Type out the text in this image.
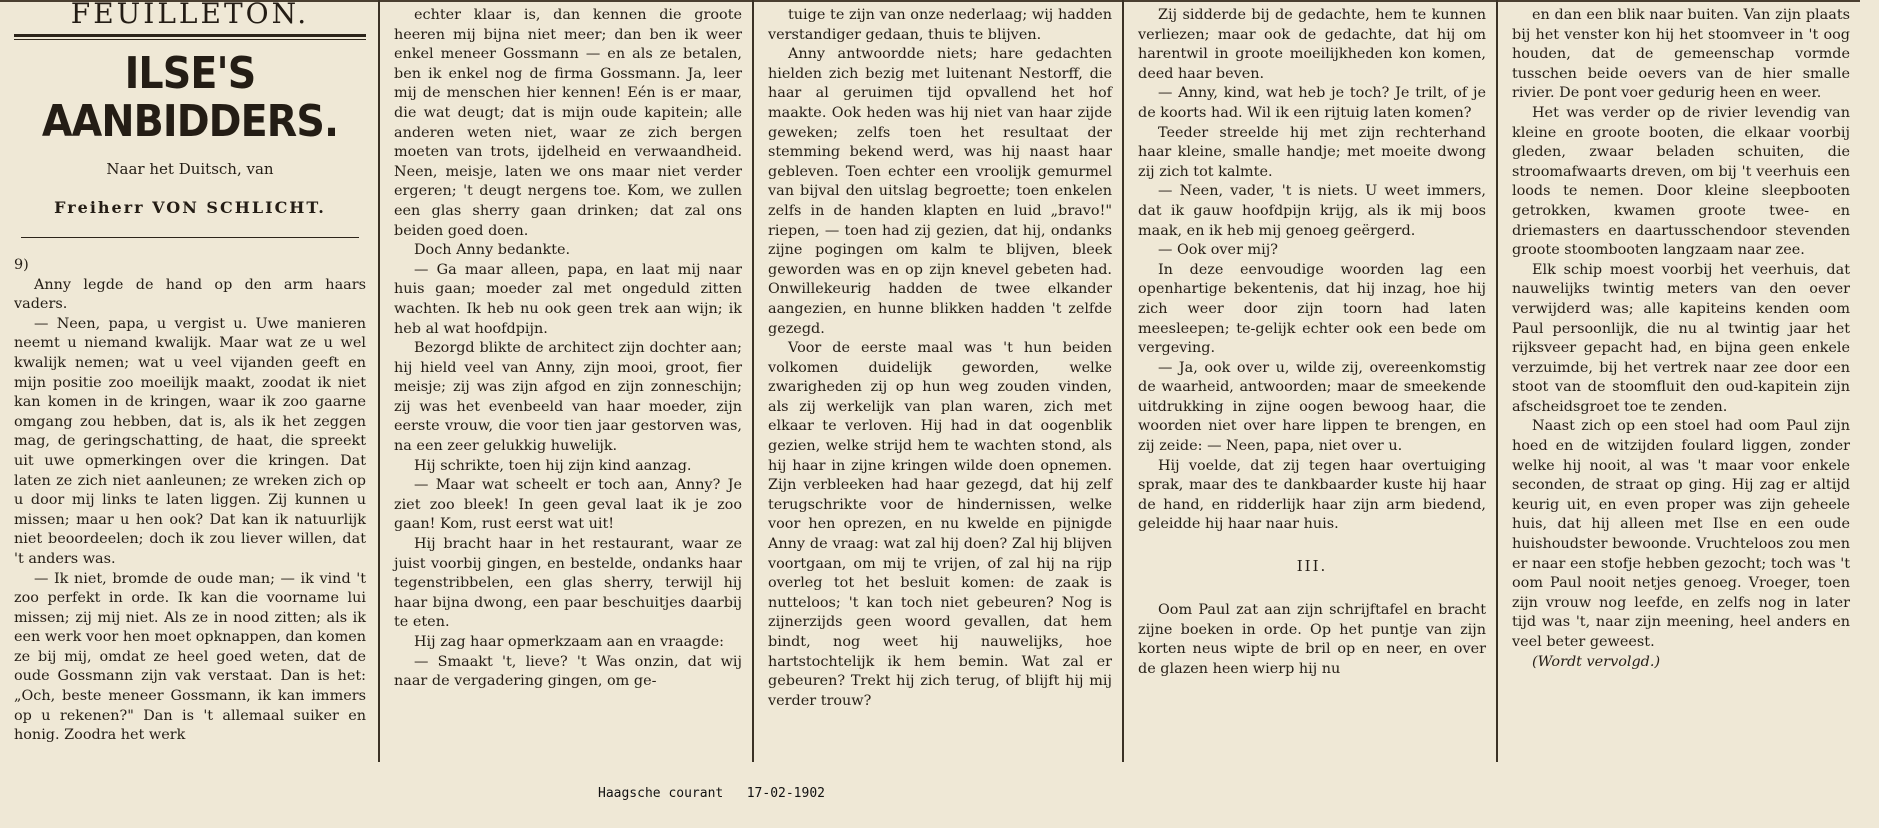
FEUILLETON.
ILSE'S AANBIDDERS.
Naar het Duitsch, van
Freiherr VON SCHLICHT.

9)

Anny legde de hand op den arm haars vaders.

— Neen, papa, u vergist u. Uwe manieren neemt u niemand kwalijk. Maar wat ze u wel kwalijk nemen; wat u veel vijanden geeft en mijn positie zoo moeilijk maakt, zoodat ik niet kan komen in de kringen, waar ik zoo gaarne omgang zou hebben, dat is, als ik het zeggen mag, de geringschatting, de haat, die spreekt uit uwe opmerkingen over die kringen. Dat laten ze zich niet aanleunen; ze wreken zich op u door mij links te laten liggen. Zij kunnen u missen; maar u hen ook? Dat kan ik natuurlijk niet beoordeelen; doch ik zou liever willen, dat 't anders was.

— Ik niet, bromde de oude man; — ik vind 't zoo perfekt in orde. Ik kan die voorname lui missen; zij mij niet. Als ze in nood zitten; als ik een werk voor hen moet opknappen, dan komen ze bij mij, omdat ze heel goed weten, dat de oude Gossmann zijn vak verstaat. Dan is het: „Och, beste meneer Gossmann, ik kan immers op u rekenen?" Dan is 't allemaal suiker en honig. Zoodra het werk

echter klaar is, dan kennen die groote heeren mij bijna niet meer; dan ben ik weer enkel meneer Gossmann — en als ze betalen, ben ik enkel nog de firma Gossmann. Ja, leer mij de menschen hier kennen! Eén is er maar, die wat deugt; dat is mijn oude kapitein; alle anderen weten niet, waar ze zich bergen moeten van trots, ijdelheid en verwaandheid. Neen, meisje, laten we ons maar niet verder ergeren; 't deugt nergens toe. Kom, we zullen een glas sherry gaan drinken; dat zal ons beiden goed doen.

Doch Anny bedankte.

— Ga maar alleen, papa, en laat mij naar huis gaan; moeder zal met ongeduld zitten wachten. Ik heb nu ook geen trek aan wijn; ik heb al wat hoofdpijn.

Bezorgd blikte de architect zijn dochter aan; hij hield veel van Anny, zijn mooi, groot, fier meisje; zij was zijn afgod en zijn zonneschijn; zij was het evenbeeld van haar moeder, zijn eerste vrouw, die voor tien jaar gestorven was, na een zeer gelukkig huwelijk.

Hij schrikte, toen hij zijn kind aanzag.

— Maar wat scheelt er toch aan, Anny? Je ziet zoo bleek! In geen geval laat ik je zoo gaan! Kom, rust eerst wat uit!

Hij bracht haar in het restaurant, waar ze juist voorbij gingen, en bestelde, ondanks haar tegenstribbelen, een glas sherry, terwijl hij haar bijna dwong, een paar beschuitjes daarbij te eten.

Hij zag haar opmerkzaam aan en vraagde:

— Smaakt 't, lieve? 't Was onzin, dat wij naar de vergadering gingen, om ge-

tuige te zijn van onze nederlaag; wij hadden verstandiger gedaan, thuis te blijven.

Anny antwoordde niets; hare gedachten hielden zich bezig met luitenant Nestorff, die haar al geruimen tijd opvallend het hof maakte. Ook heden was hij niet van haar zijde geweken; zelfs toen het resultaat der stemming bekend werd, was hij naast haar gebleven. Toen echter een vroolijk gemurmel van bijval den uitslag begroette; toen enkelen zelfs in de handen klapten en luid „bravo!" riepen, — toen had zij gezien, dat hij, ondanks zijne pogingen om kalm te blijven, bleek geworden was en op zijn knevel gebeten had. Onwillekeurig hadden de twee elkander aangezien, en hunne blikken hadden 't zelfde gezegd.

Voor de eerste maal was 't hun beiden volkomen duidelijk geworden, welke zwarigheden zij op hun weg zouden vinden, als zij werkelijk van plan waren, zich met elkaar te verloven. Hij had in dat oogenblik gezien, welke strijd hem te wachten stond, als hij haar in zijne kringen wilde doen opnemen. Zijn verbleeken had haar gezegd, dat hij zelf terugschrikte voor de hindernissen, welke voor hen oprezen, en nu kwelde en pijnigde Anny de vraag: wat zal hij doen? Zal hij blijven voortgaan, om mij te vrijen, of zal hij na rijp overleg tot het besluit komen: de zaak is nutteloos; 't kan toch niet gebeuren? Nog is zijnerzijds geen woord gevallen, dat hem bindt, nog weet hij nauwelijks, hoe hartstochtelijk ik hem bemin. Wat zal er gebeuren? Trekt hij zich terug, of blijft hij mij verder trouw?

Zij sidderde bij de gedachte, hem te kunnen verliezen; maar ook de gedachte, dat hij om harentwil in groote moeilijkheden kon komen, deed haar beven.

— Anny, kind, wat heb je toch? Je trilt, of je de koorts had. Wil ik een rijtuig laten komen?

Teeder streelde hij met zijn rechterhand haar kleine, smalle handje; met moeite dwong zij zich tot kalmte.

— Neen, vader, 't is niets. U weet immers, dat ik gauw hoofdpijn krijg, als ik mij boos maak, en ik heb mij genoeg geërgerd.

— Ook over mij?

In deze eenvoudige woorden lag een openhartige bekentenis, dat hij inzag, hoe hij zich weer door zijn toorn had laten meesleepen; te-gelijk echter ook een bede om vergeving.

— Ja, ook over u, wilde zij, overeenkomstig de waarheid, antwoorden; maar de smeekende uitdrukking in zijne oogen bewoog haar, die woorden niet over hare lippen te brengen, en zij zeide: — Neen, papa, niet over u.

Hij voelde, dat zij tegen haar overtuiging sprak, maar des te dankbaarder kuste hij haar de hand, en ridderlijk haar zijn arm biedend, geleidde hij haar naar huis.

III.

Oom Paul zat aan zijn schrijftafel en bracht zijne boeken in orde. Op het puntje van zijn korten neus wipte de bril op en neer, en over de glazen heen wierp hij nu

en dan een blik naar buiten. Van zijn plaats bij het venster kon hij het stoomveer in 't oog houden, dat de gemeenschap vormde tusschen beide oevers van de hier smalle rivier. De pont voer gedurig heen en weer.

Het was verder op de rivier levendig van kleine en groote booten, die elkaar voorbij gleden, zwaar beladen schuiten, die stroomafwaarts dreven, om bij 't veerhuis een loods te nemen. Door kleine sleepbooten getrokken, kwamen groote twee- en driemasters en daartusschendoor stevenden groote stoombooten langzaam naar zee.

Elk schip moest voorbij het veerhuis, dat nauwelijks twintig meters van den oever verwijderd was; alle kapiteins kenden oom Paul persoonlijk, die nu al twintig jaar het rijksveer gepacht had, en bijna geen enkele verzuimde, bij het vertrek naar zee door een stoot van de stoomfluit den oud-kapitein zijn afscheidsgroet toe te zenden.

Naast zich op een stoel had oom Paul zijn hoed en de witzijden foulard liggen, zonder welke hij nooit, al was 't maar voor enkele seconden, de straat op ging. Hij zag er altijd keurig uit, en even proper was zijn geheele huis, dat hij alleen met Ilse en een oude huishoudster bewoonde. Vruchteloos zou men er naar een stofje hebben gezocht; toch was 't oom Paul nooit netjes genoeg. Vroeger, toen zijn vrouw nog leefde, en zelfs nog in later tijd was 't, naar zijn meening, heel anders en veel beter geweest.

(Wordt vervolgd.)

Haagsche courant 17-02-1902
